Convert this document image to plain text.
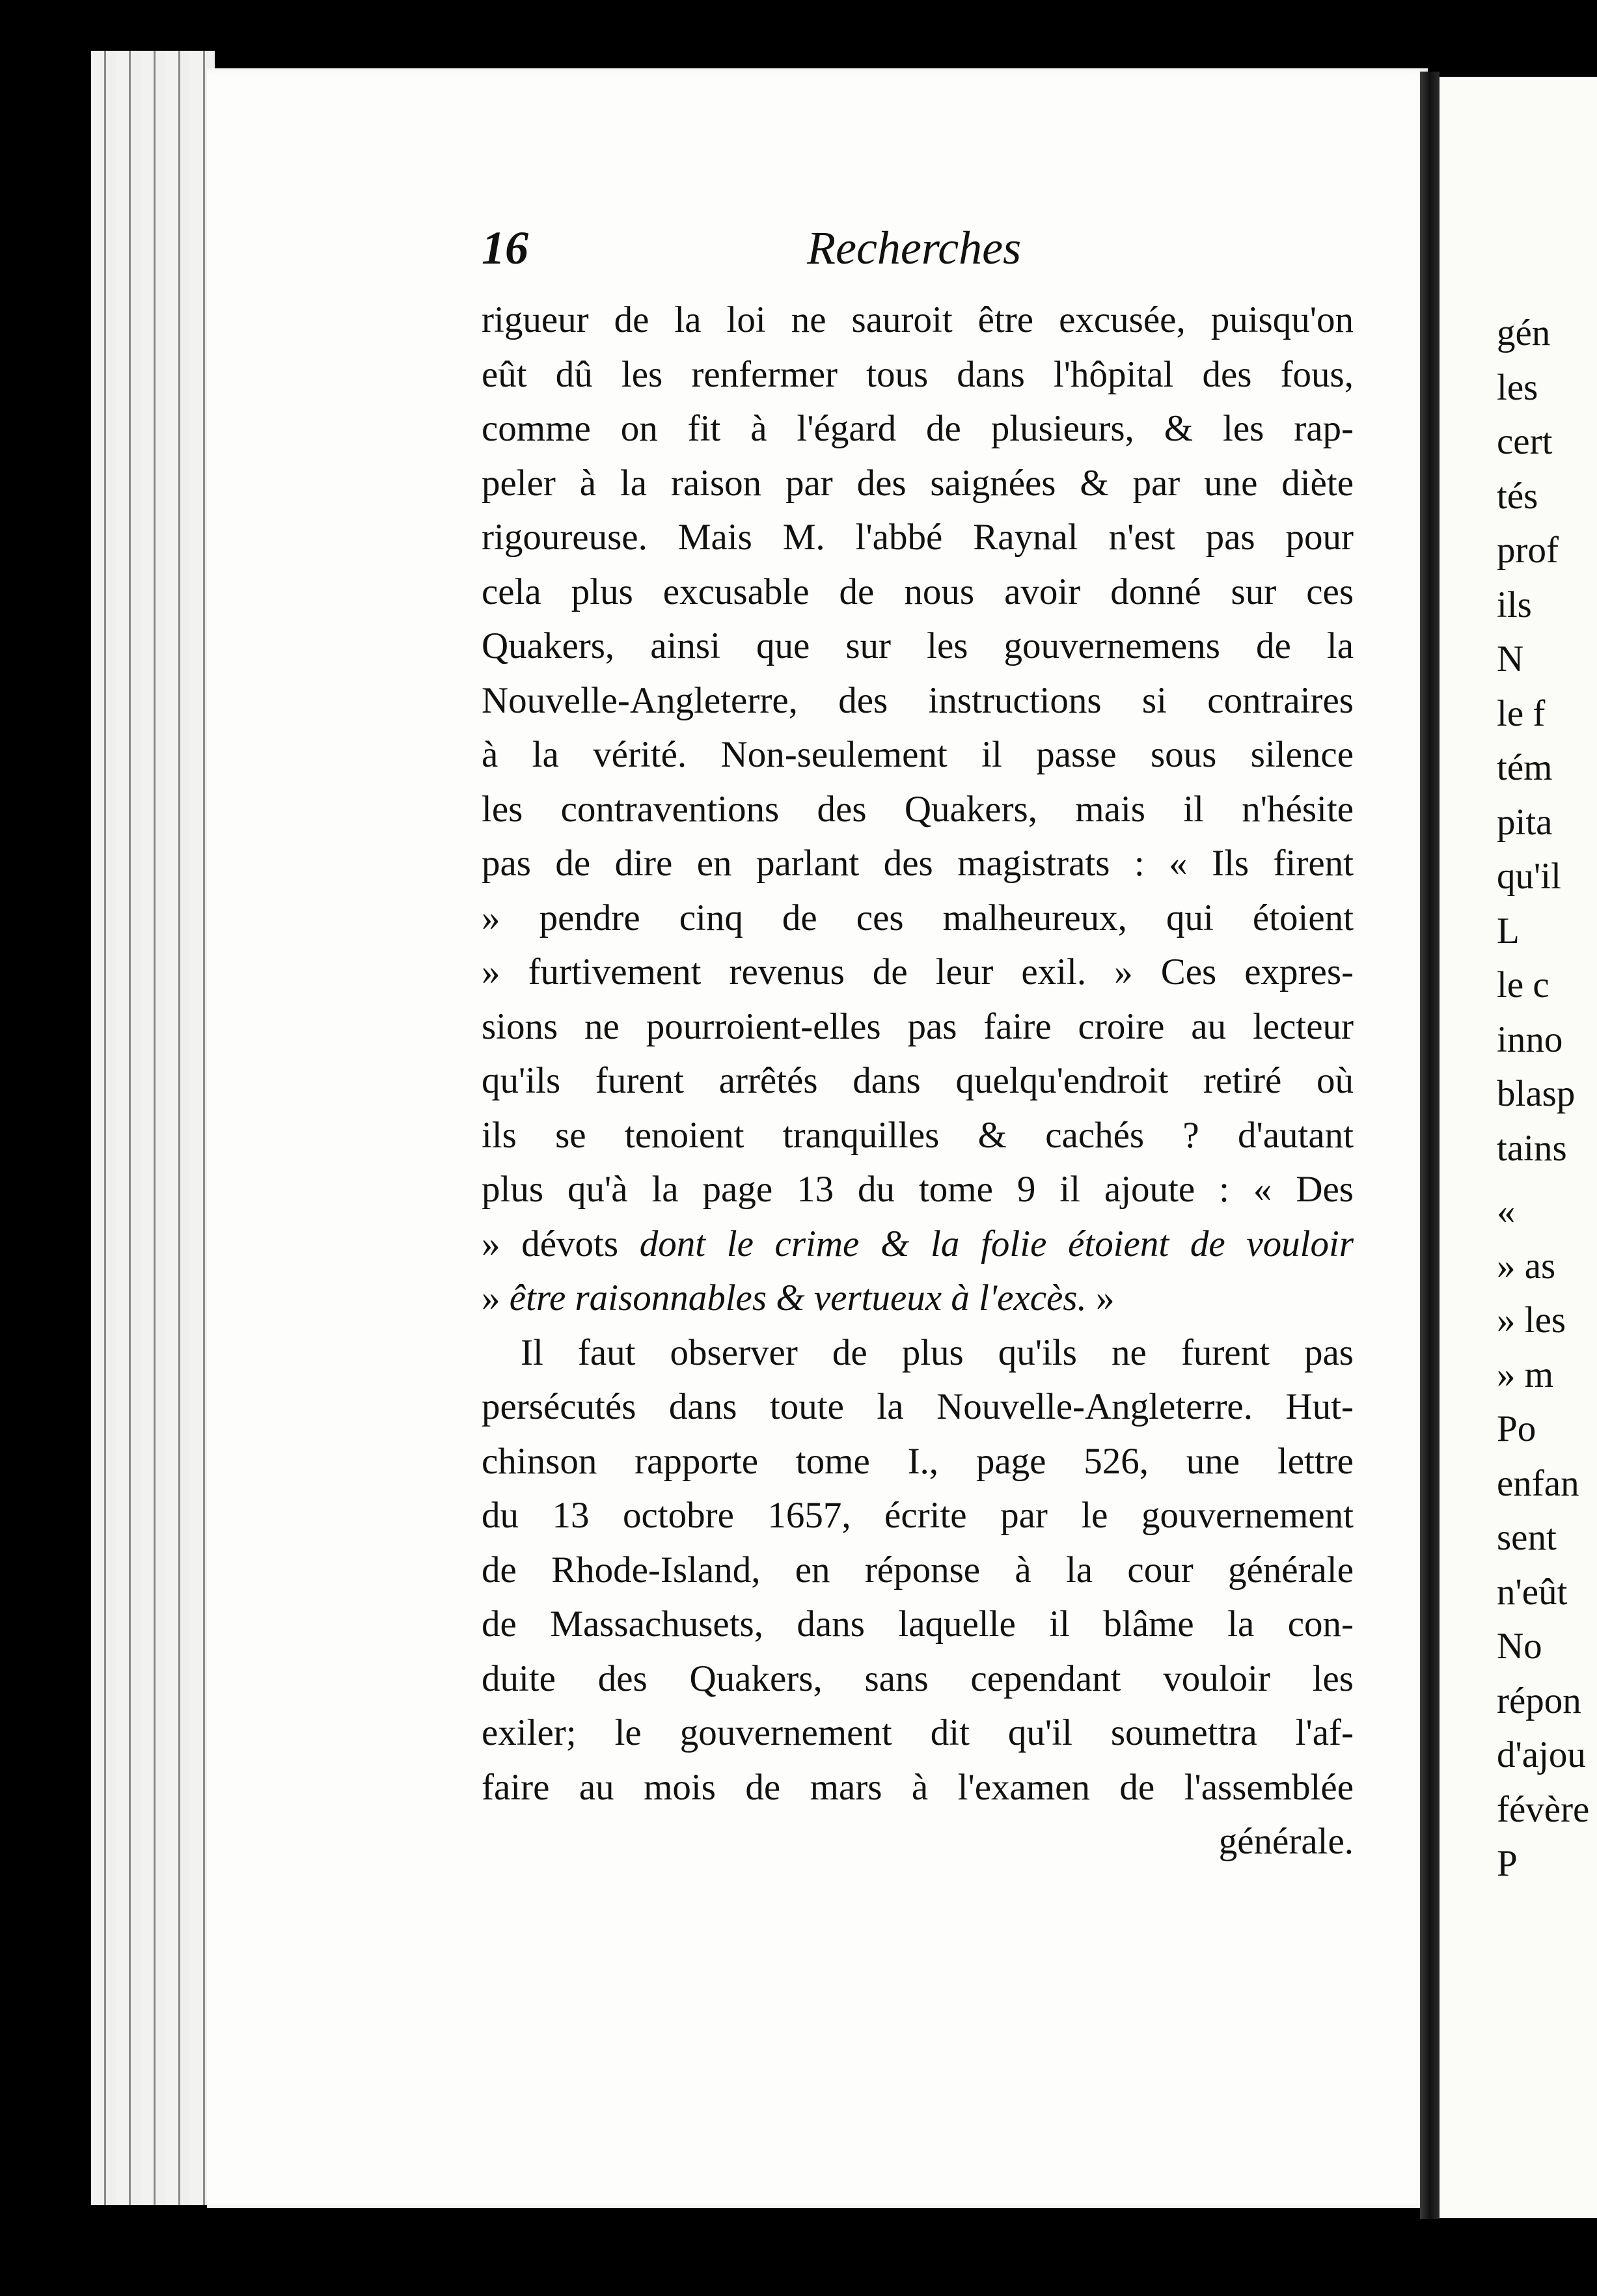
16	Recherches
rigueur de la loi ne sauroit être excusée, puisqu'on
eût dû les renfermer tous dans l'hôpital des fous,
comme on fit à l'égard de plusieurs, & les rap-
peler à la raison par des saignées & par une diète
rigoureuse. Mais M. l'abbé Raynal n'est pas pour
cela plus excusable de nous avoir donné sur ces
Quakers, ainsi que sur les gouvernemens de la
Nouvelle-Angleterre, des instructions si contraires
à la vérité. Non-seulement il passe sous silence
les contraventions des Quakers, mais il n'hésite
pas de dire en parlant des magistrats : « Ils firent
» pendre cinq de ces malheureux, qui étoient
» furtivement revenus de leur exil. » Ces expres-
sions ne pourroient-elles pas faire croire au lecteur
qu'ils furent arrêtés dans quelqu'endroit retiré où
ils se tenoient tranquilles & cachés ? d'autant
plus qu'à la page 13 du tome 9 il ajoute : « Des
» dévots dont le crime & la folie étoient de vouloir
» être raisonnables & vertueux à l'excès. »
Il faut observer de plus qu'ils ne furent pas
persécutés dans toute la Nouvelle-Angleterre. Hut-
chinson rapporte tome I., page 526, une lettre
du 13 octobre 1657, écrite par le gouvernement
de Rhode-Island, en réponse à la cour générale
de Massachusets, dans laquelle il blâme la con-
duite des Quakers, sans cependant vouloir les
exiler; le gouvernement dit qu'il soumettra l'af-
faire au mois de mars à l'examen de l'assemblée
générale.
gén
les
cert
tés
prof
ils
N
le f
tém
pita
qu'il
L
le c
inno
blasp
tains
«
» as
» les
» m
Po
enfan
sent
n'eût
No
répon
d'ajou
févère
P
